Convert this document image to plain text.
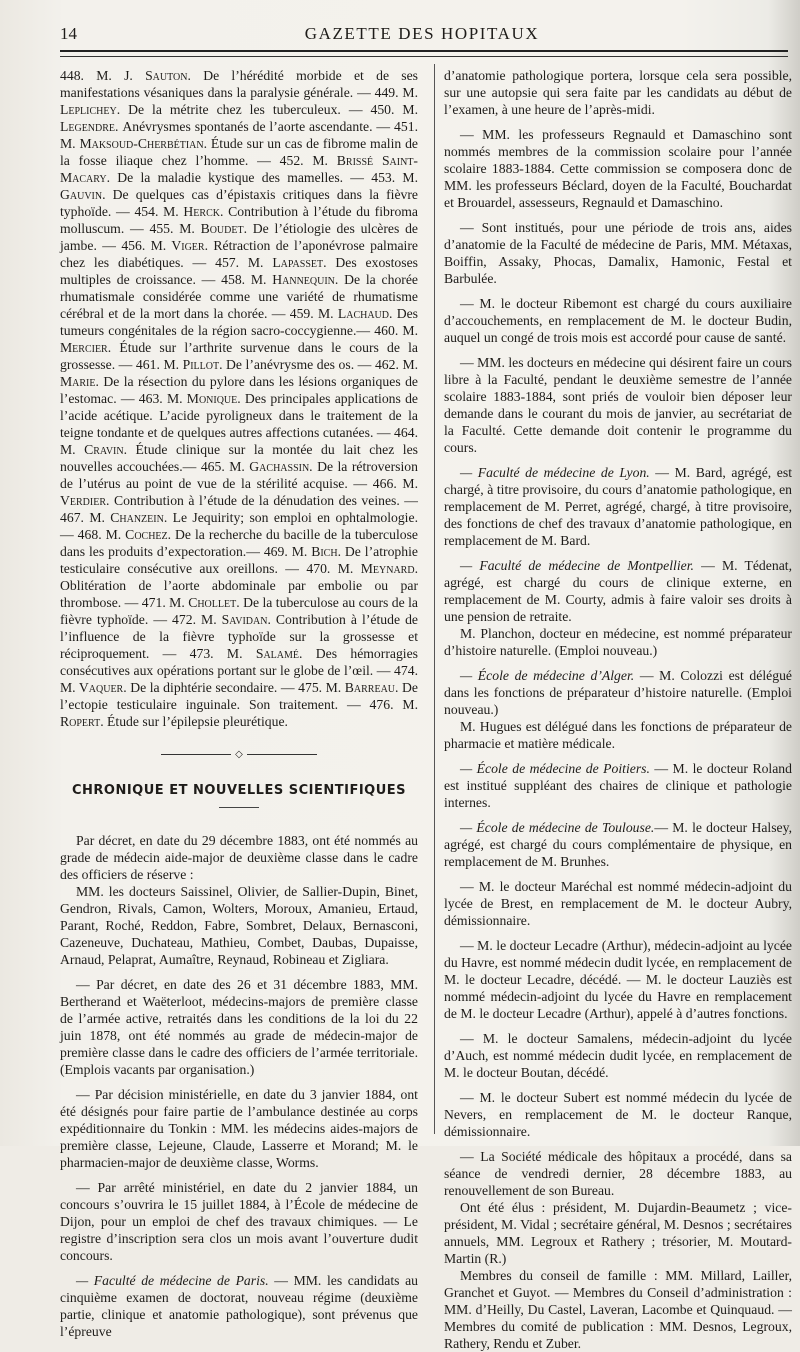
14	GAZETTE DES HOPITAUX

448. M. J. Sauton. De l’hérédité morbide et de ses manifestations vésaniques dans la paralysie générale. — 449. M. Leplichey. De la métrite chez les tuberculeux. — 450. M. Legendre. Anévrysmes spontanés de l’aorte ascendante. — 451. M. Maksoud-Cherbétian. Étude sur un cas de fibrome malin de la fosse iliaque chez l’homme. — 452. M. Brissé Saint-Macary. De la maladie kystique des mamelles. — 453. M. Gauvin. De quelques cas d’épistaxis critiques dans la fièvre typhoïde. — 454. M. Herck. Contribution à l’étude du fibroma molluscum. — 455. M. Boudet. De l’étiologie des ulcères de jambe. — 456. M. Viger. Rétraction de l’aponévrose palmaire chez les diabétiques. — 457. M. Lapasset. Des exostoses multiples de croissance. — 458. M. Hannequin. De la chorée rhumatismale considérée comme une variété de rhumatisme cérébral et de la mort dans la chorée. — 459. M. Lachaud. Des tumeurs congénitales de la région sacro-coccygienne.— 460. M. Mercier. Étude sur l’arthrite survenue dans le cours de la grossesse. — 461. M. Pillot. De l’anévrysme des os. — 462. M. Marie. De la résection du pylore dans les lésions organiques de l’estomac. — 463. M. Monique. Des principales applications de l’acide acétique. L’acide pyroligneux dans le traitement de la teigne tondante et de quelques autres affections cutanées. — 464. M. Cravin. Étude clinique sur la montée du lait chez les nouvelles accouchées.— 465. M. Gachassin. De la rétroversion de l’utérus au point de vue de la stérilité acquise. — 466. M. Verdier. Contribution à l’étude de la dénudation des veines. — 467. M. Chanzein. Le Jequirity; son emploi en ophtalmologie. — 468. M. Cochez. De la recherche du bacille de la tuberculose dans les produits d’expectoration.— 469. M. Bich. De l’atrophie testiculaire consécutive aux oreillons. — 470. M. Meynard. Oblitération de l’aorte abdominale par embolie ou par thrombose. — 471. M. Chollet. De la tuberculose au cours de la fièvre typhoïde. — 472. M. Savidan. Contribution à l’étude de l’influence de la fièvre typhoïde sur la grossesse et réciproquement. — 473. M. Salamé. Des hémorragies consécutives aux opérations portant sur le globe de l’œil. — 474. M. Vaquer. De la diphtérie secondaire. — 475. M. Barreau. De l’ectopie testiculaire inguinale. Son traitement. — 476. M. Ropert. Étude sur l’épilepsie pleurétique.

◇
CHRONIQUE ET NOUVELLES SCIENTIFIQUES

Par décret, en date du 29 décembre 1883, ont été nommés au grade de médecin aide-major de deuxième classe dans le cadre des officiers de réserve :

MM. les docteurs Saissinel, Olivier, de Sallier-Dupin, Binet, Gendron, Rivals, Camon, Wolters, Moroux, Amanieu, Ertaud, Parant, Roché, Reddon, Fabre, Sombret, Delaux, Bernasconi, Cazeneuve, Duchateau, Mathieu, Combet, Daubas, Dupaisse, Arnaud, Pelaprat, Aumaître, Reynaud, Robineau et Zigliara.

— Par décret, en date des 26 et 31 décembre 1883, MM. Bertherand et Waëterloot, médecins-majors de première classe de l’armée active, retraités dans les conditions de la loi du 22 juin 1878, ont été nommés au grade de médecin-major de première classe dans le cadre des officiers de l’armée territoriale. (Emplois vacants par organisation.)

— Par décision ministérielle, en date du 3 janvier 1884, ont été désignés pour faire partie de l’ambulance destinée au corps expéditionnaire du Tonkin : MM. les médecins aides-majors de première classe, Lejeune, Claude, Lasserre et Morand; M. le pharmacien-major de deuxième classe, Worms.

— Par arrêté ministériel, en date du 2 janvier 1884, un concours s’ouvrira le 15 juillet 1884, à l’École de médecine de Dijon, pour un emploi de chef des travaux chimiques. — Le registre d’inscription sera clos un mois avant l’ouverture dudit concours.

— Faculté de médecine de Paris. — MM. les candidats au cinquième examen de doctorat, nouveau régime (deuxième partie, clinique et anatomie pathologique), sont prévenus que l’épreuve

d’anatomie pathologique portera, lorsque cela sera possible, sur une autopsie qui sera faite par les candidats au début de l’examen, à une heure de l’après-midi.

— MM. les professeurs Regnauld et Damaschino sont nommés membres de la commission scolaire pour l’année scolaire 1883-1884. Cette commission se composera donc de MM. les professeurs Béclard, doyen de la Faculté, Bouchardat et Brouardel, assesseurs, Regnauld et Damaschino.

— Sont institués, pour une période de trois ans, aides d’anatomie de la Faculté de médecine de Paris, MM. Métaxas, Boiffin, Assaky, Phocas, Damalix, Hamonic, Festal et Barbulée.

— M. le docteur Ribemont est chargé du cours auxiliaire d’accouchements, en remplacement de M. le docteur Budin, auquel un congé de trois mois est accordé pour cause de santé.

— MM. les docteurs en médecine qui désirent faire un cours libre à la Faculté, pendant le deuxième semestre de l’année scolaire 1883-1884, sont priés de vouloir bien déposer leur demande dans le courant du mois de janvier, au secrétariat de la Faculté. Cette demande doit contenir le programme du cours.

— Faculté de médecine de Lyon. — M. Bard, agrégé, est chargé, à titre provisoire, du cours d’anatomie pathologique, en remplacement de M. Perret, agrégé, chargé, à titre provisoire, des fonctions de chef des travaux d’anatomie pathologique, en remplacement de M. Bard.

— Faculté de médecine de Montpellier. — M. Tédenat, agrégé, est chargé du cours de clinique externe, en remplacement de M. Courty, admis à faire valoir ses droits à une pension de retraite.

M. Planchon, docteur en médecine, est nommé préparateur d’histoire naturelle. (Emploi nouveau.)

— École de médecine d’Alger. — M. Colozzi est délégué dans les fonctions de préparateur d’histoire naturelle. (Emploi nouveau.)

M. Hugues est délégué dans les fonctions de préparateur de pharmacie et matière médicale.

— École de médecine de Poitiers. — M. le docteur Roland est institué suppléant des chaires de clinique et pathologie internes.

— École de médecine de Toulouse.— M. le docteur Halsey, agrégé, est chargé du cours complémentaire de physique, en remplacement de M. Brunhes.

— M. le docteur Maréchal est nommé médecin-adjoint du lycée de Brest, en remplacement de M. le docteur Aubry, démissionnaire.

— M. le docteur Lecadre (Arthur), médecin-adjoint au lycée du Havre, est nommé médecin dudit lycée, en remplacement de M. le docteur Lecadre, décédé. — M. le docteur Lauziès est nommé médecin-adjoint du lycée du Havre en remplacement de M. le docteur Lecadre (Arthur), appelé à d’autres fonctions.

— M. le docteur Samalens, médecin-adjoint du lycée d’Auch, est nommé médecin dudit lycée, en remplacement de M. le docteur Boutan, décédé.

— M. le docteur Subert est nommé médecin du lycée de Nevers, en remplacement de M. le docteur Ranque, démissionnaire.

— La Société médicale des hôpitaux a procédé, dans sa séance de vendredi dernier, 28 décembre 1883, au renouvellement de son Bureau.

Ont été élus : président, M. Dujardin-Beaumetz ; vice-président, M. Vidal ; secrétaire général, M. Desnos ; secrétaires annuels, MM. Legroux et Rathery ; trésorier, M. Moutard-Martin (R.)

Membres du conseil de famille : MM. Millard, Lailler, Granchet et Guyot. — Membres du Conseil d’administration : MM. d’Heilly, Du Castel, Laveran, Lacombe et Quinquaud. — Membres du comité de publication : MM. Desnos, Legroux, Rathery, Rendu et Zuber.
